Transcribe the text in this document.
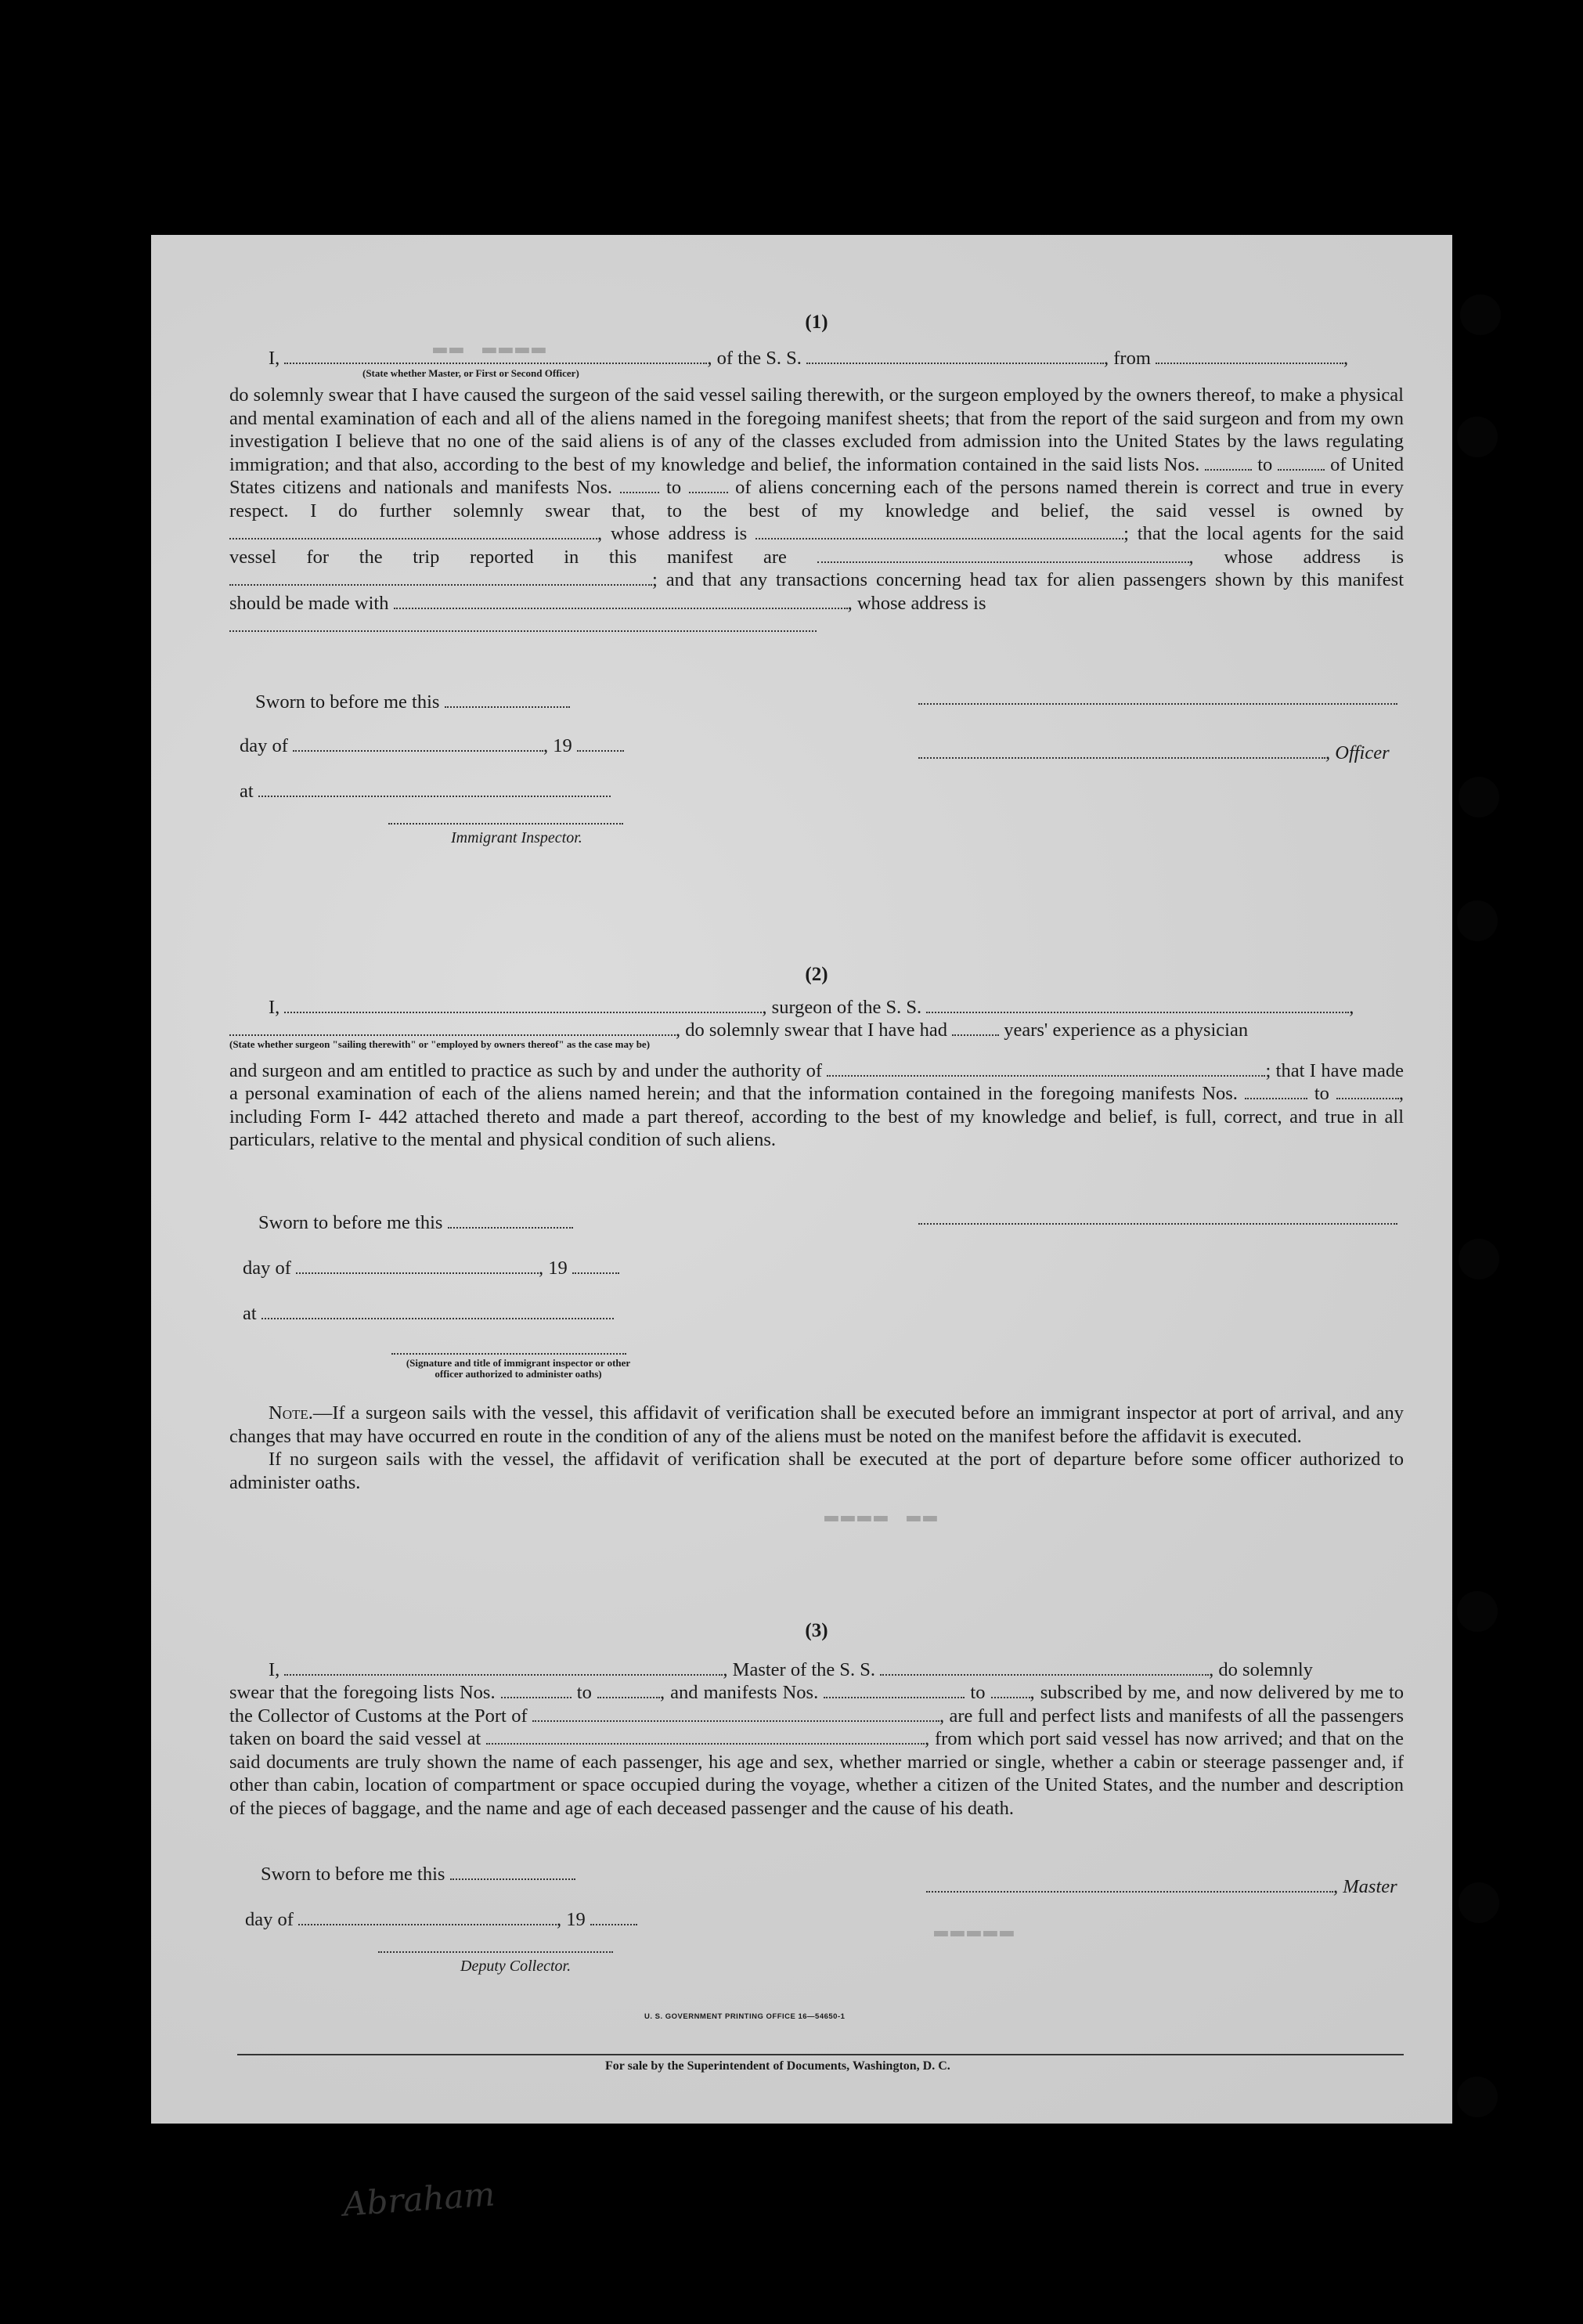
▬▬ ▬▬▬▬
▬▬▬▬ ▬▬
▬▬▬▬▬
(1)
I,	, of the S. S.	, from	,
(State whether Master, or First or Second Officer)

do solemnly swear that I have caused the surgeon of the said vessel sailing therewith, or the surgeon employed by the owners thereof, to make a physical and mental examination of each and all of the aliens named in the foregoing manifest sheets; that from the report of the said surgeon and from my own investigation I believe that no one of the said aliens is of any of the classes excluded from admission into the United States by the laws regulating immigration; and that also, according to the best of my knowledge and belief, the information contained in the said lists Nos.	to	of United States citizens and nationals and manifests Nos.	to	of aliens concerning each of the persons named therein is correct and true in every respect. I do further solemnly swear that, to the best of my knowledge and belief, the said vessel is owned by , whose address is	; that the local agents for the said vessel for the trip reported in this manifest are	, whose address is ; and that any transactions concerning head tax for alien passengers shown by this manifest should be made with	, whose address is

Sworn to before me this
day of	, 19
at
Immigrant Inspector.
, Officer
(2)
I,	, surgeon of the S. S.	,
, do solemnly swear that I have had	years' experience as a physician
(State whether surgeon "sailing therewith" or "employed by owners thereof" as the case may be)

and surgeon and am entitled to practice as such by and under the authority of	; that I have made a personal examination of each of the aliens named herein; and that the information contained in the foregoing manifests Nos.	to	, including Form I- 442 attached thereto and made a part thereof, according to the best of my knowledge and belief, is full, correct, and true in all particulars, relative to the mental and physical condition of such aliens.

Sworn to before me this
day of	, 19
at
(Signature and title of immigrant inspector or other officer authorized to administer oaths)

Note.—If a surgeon sails with the vessel, this affidavit of verification shall be executed before an immigrant inspector at port of arrival, and any changes that may have occurred en route in the condition of any of the aliens must be noted on the manifest before the affidavit is executed.

If no surgeon sails with the vessel, the affidavit of verification shall be executed at the port of departure before some officer authorized to administer oaths.

(3)
I,	, Master of the S. S.	, do solemnly

swear that the foregoing lists Nos.	to	, and manifests Nos.	to , subscribed by me, and now delivered by me to the Collector of Customs at the Port of	, are full and perfect lists and manifests of all the passengers taken on board the said vessel at	, from which port said vessel has now arrived; and that on the said documents are truly shown the name of each passenger, his age and sex, whether married or single, whether a cabin or steerage passenger and, if other than cabin, location of compartment or space occupied during the voyage, whether a citizen of the United States, and the number and description of the pieces of baggage, and the name and age of each deceased passenger and the cause of his death.

Sworn to before me this
day of	, 19
Deputy Collector.
, Master
U. S. GOVERNMENT PRINTING OFFICE 16—54650-1
For sale by the Superintendent of Documents, Washington, D. C.
Abraham
